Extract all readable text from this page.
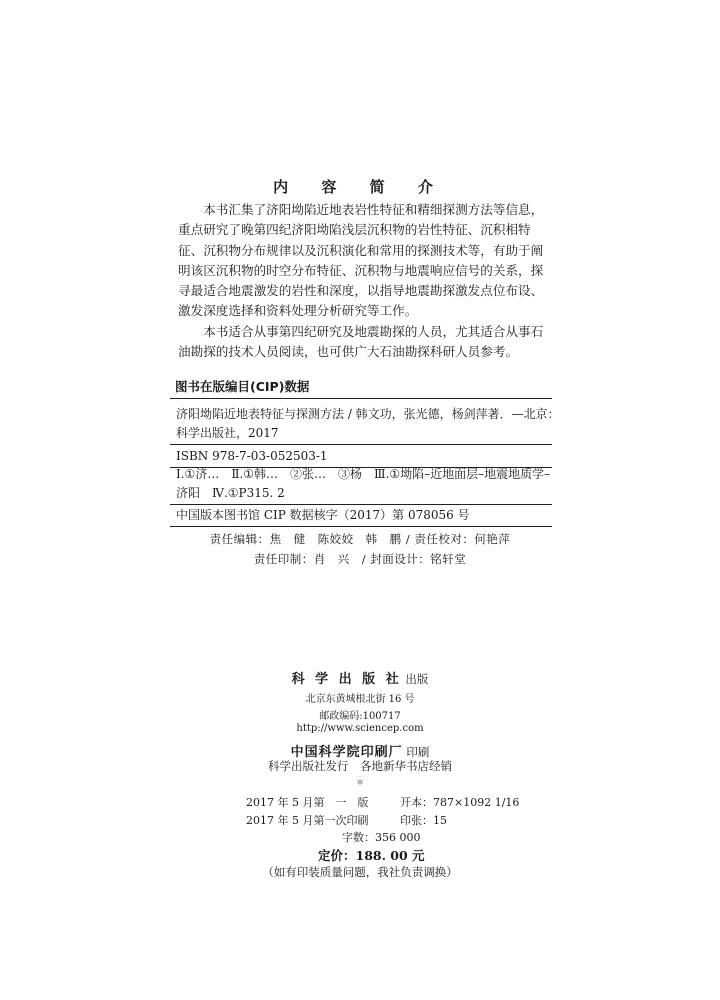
内 容 简 介

本书汇集了济阳坳陷近地表岩性特征和精细探测方法等信息，重点研究了晚第四纪济阳坳陷浅层沉积物的岩性特征、沉积相特征、沉积物分布规律以及沉积演化和常用的探测技术等，有助于阐明该区沉积物的时空分布特征、沉积物与地震响应信号的关系，探寻最适合地震激发的岩性和深度，以指导地震勘探激发点位布设、激发深度选择和资料处理分析研究等工作。

本书适合从事第四纪研究及地震勘探的人员，尤其适合从事石油勘探的技术人员阅读，也可供广大石油勘探科研人员参考。

图书在版编目(CIP)数据
济阳坳陷近地表特征与探测方法 / 韩文功，张光德，杨剑萍著．—北京：
科学出版社，2017
ISBN 978-7-03-052503-1
Ⅰ.①济…　Ⅱ.①韩…　②张…　③杨　Ⅲ.①坳陷–近地面层–地震地质学–
济阳　Ⅳ.①P315. 2
中国版本图书馆 CIP 数据核字（2017）第 078056 号
责任编辑：焦　健　陈姣姣　韩　鹏 / 责任校对：何艳萍
责任印制：肖　兴　/ 封面设计：铭轩堂
科 学 出 版 社 出版
北京东黄城根北街 16 号
邮政编码:100717
http://www.sciencep.com
中国科学院印刷厂 印刷
科学出版社发行　各地新华书店经销
＊
2017 年 5 月第　一　版	开本：787×1092 1/16
2017 年 5 月第一次印刷	印张：15
字数：356 000
定价：188. 00 元
（如有印装质量问题，我社负责调换）
